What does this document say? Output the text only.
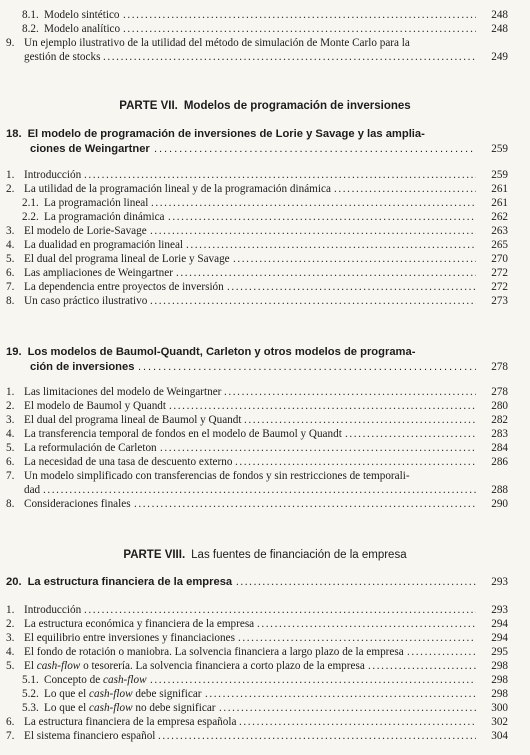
8.1. Modelo sintético . . .	248
8.2. Modelo analítico . . .	248
9. Un ejemplo ilustrativo de la utilidad del método de simulación de Monte Carlo para la
gestión de stocks . . .	249
PARTE VII. Modelos de programación de inversiones
18. El modelo de programación de inversiones de Lorie y Savage y las amplia-
ciones de Weingartner . . .	259
1. Introducción . . .	259
2. La utilidad de la programación lineal y de la programación dinámica . . .	261
2.1. La programación lineal . . .	261
2.2. La programación dinámica . . .	262
3. El modelo de Lorie-Savage . . .	263
4. La dualidad en programación lineal . . .	265
5. El dual del programa lineal de Lorie y Savage . . .	270
6. Las ampliaciones de Weingartner . . .	272
7. La dependencia entre proyectos de inversión . . .	272
8. Un caso práctico ilustrativo . . .	273
19. Los modelos de Baumol-Quandt, Carleton y otros modelos de programa-
ción de inversiones . . .	278
1. Las limitaciones del modelo de Weingartner . . .	278
2. El modelo de Baumol y Quandt . . .	280
3. El dual del programa lineal de Baumol y Quandt . . .	282
4. La transferencia temporal de fondos en el modelo de Baumol y Quandt . . .	283
5. La reformulación de Carleton . . .	284
6. La necesidad de una tasa de descuento externo . . .	286
7. Un modelo simplificado con transferencias de fondos y sin restricciones de temporali-
dad . . .	288
8. Consideraciones finales . . .	290
PARTE VIII. Las fuentes de financiación de la empresa
20. La estructura financiera de la empresa . . .	293
1. Introducción . . .	293
2. La estructura económica y financiera de la empresa . . .	294
3. El equilibrio entre inversiones y financiaciones . . .	294
4. El fondo de rotación o maniobra. La solvencia financiera a largo plazo de la empresa . . .	295
5. El cash-flow o tesorería. La solvencia financiera a corto plazo de la empresa . . .	298
5.1. Concepto de cash-flow . . .	298
5.2. Lo que el cash-flow debe significar . . .	298
5.3. Lo que el cash-flow no debe significar . . .	300
6. La estructura financiera de la empresa española . . .	302
7. El sistema financiero español . . .	304
